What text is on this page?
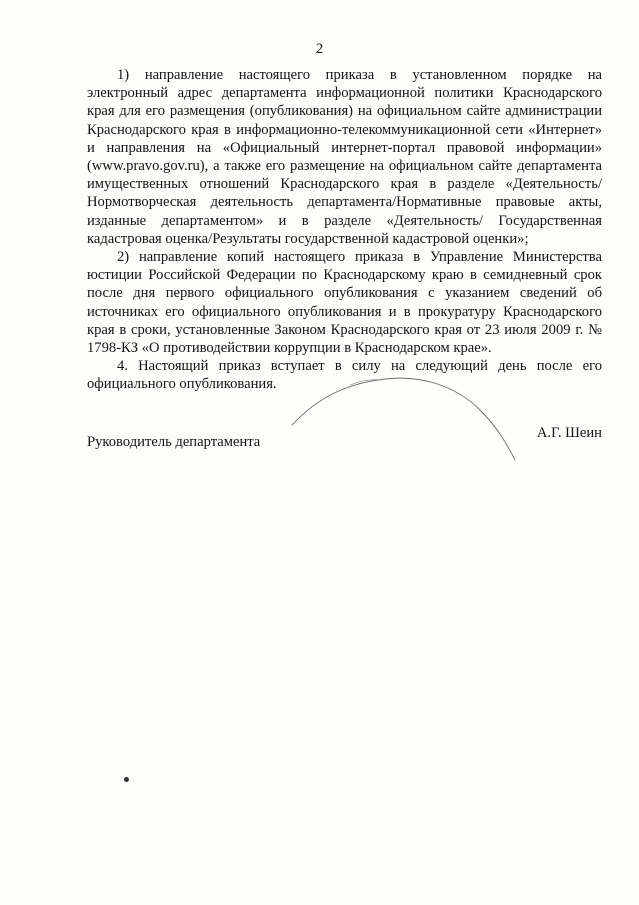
2

1) направление настоящего приказа в установленном порядке на электронный адрес департамента информационной политики Краснодарского края для его размещения (опубликования) на официальном сайте администрации Краснодарского края в информационно-телекоммуникационной сети «Интернет» и направления на «Официальный интернет-портал правовой информации» (www.pravo.gov.ru), а также его размещение на официальном сайте департамента имущественных отношений Краснодарского края в разделе «Деятельность/Нормотворческая деятельность департамента/Нормативные правовые акты, изданные департаментом» и в разделе «Деятельность/ Государственная кадастровая оценка/Результаты государственной кадастровой оценки»;

2) направление копий настоящего приказа в Управление Министерства юстиции Российской Федерации по Краснодарскому краю в семидневный срок после дня первого официального опубликования с указанием сведений об источниках его официального опубликования и в прокуратуру Краснодарского края в сроки, установленные Законом Краснодарского края от 23 июля 2009 г. № 1798-КЗ «О противодействии коррупции в Краснодарском крае».

4. Настоящий приказ вступает в силу на следующий день после его официального опубликования.

Руководитель департамента
А.Г. Шеин
